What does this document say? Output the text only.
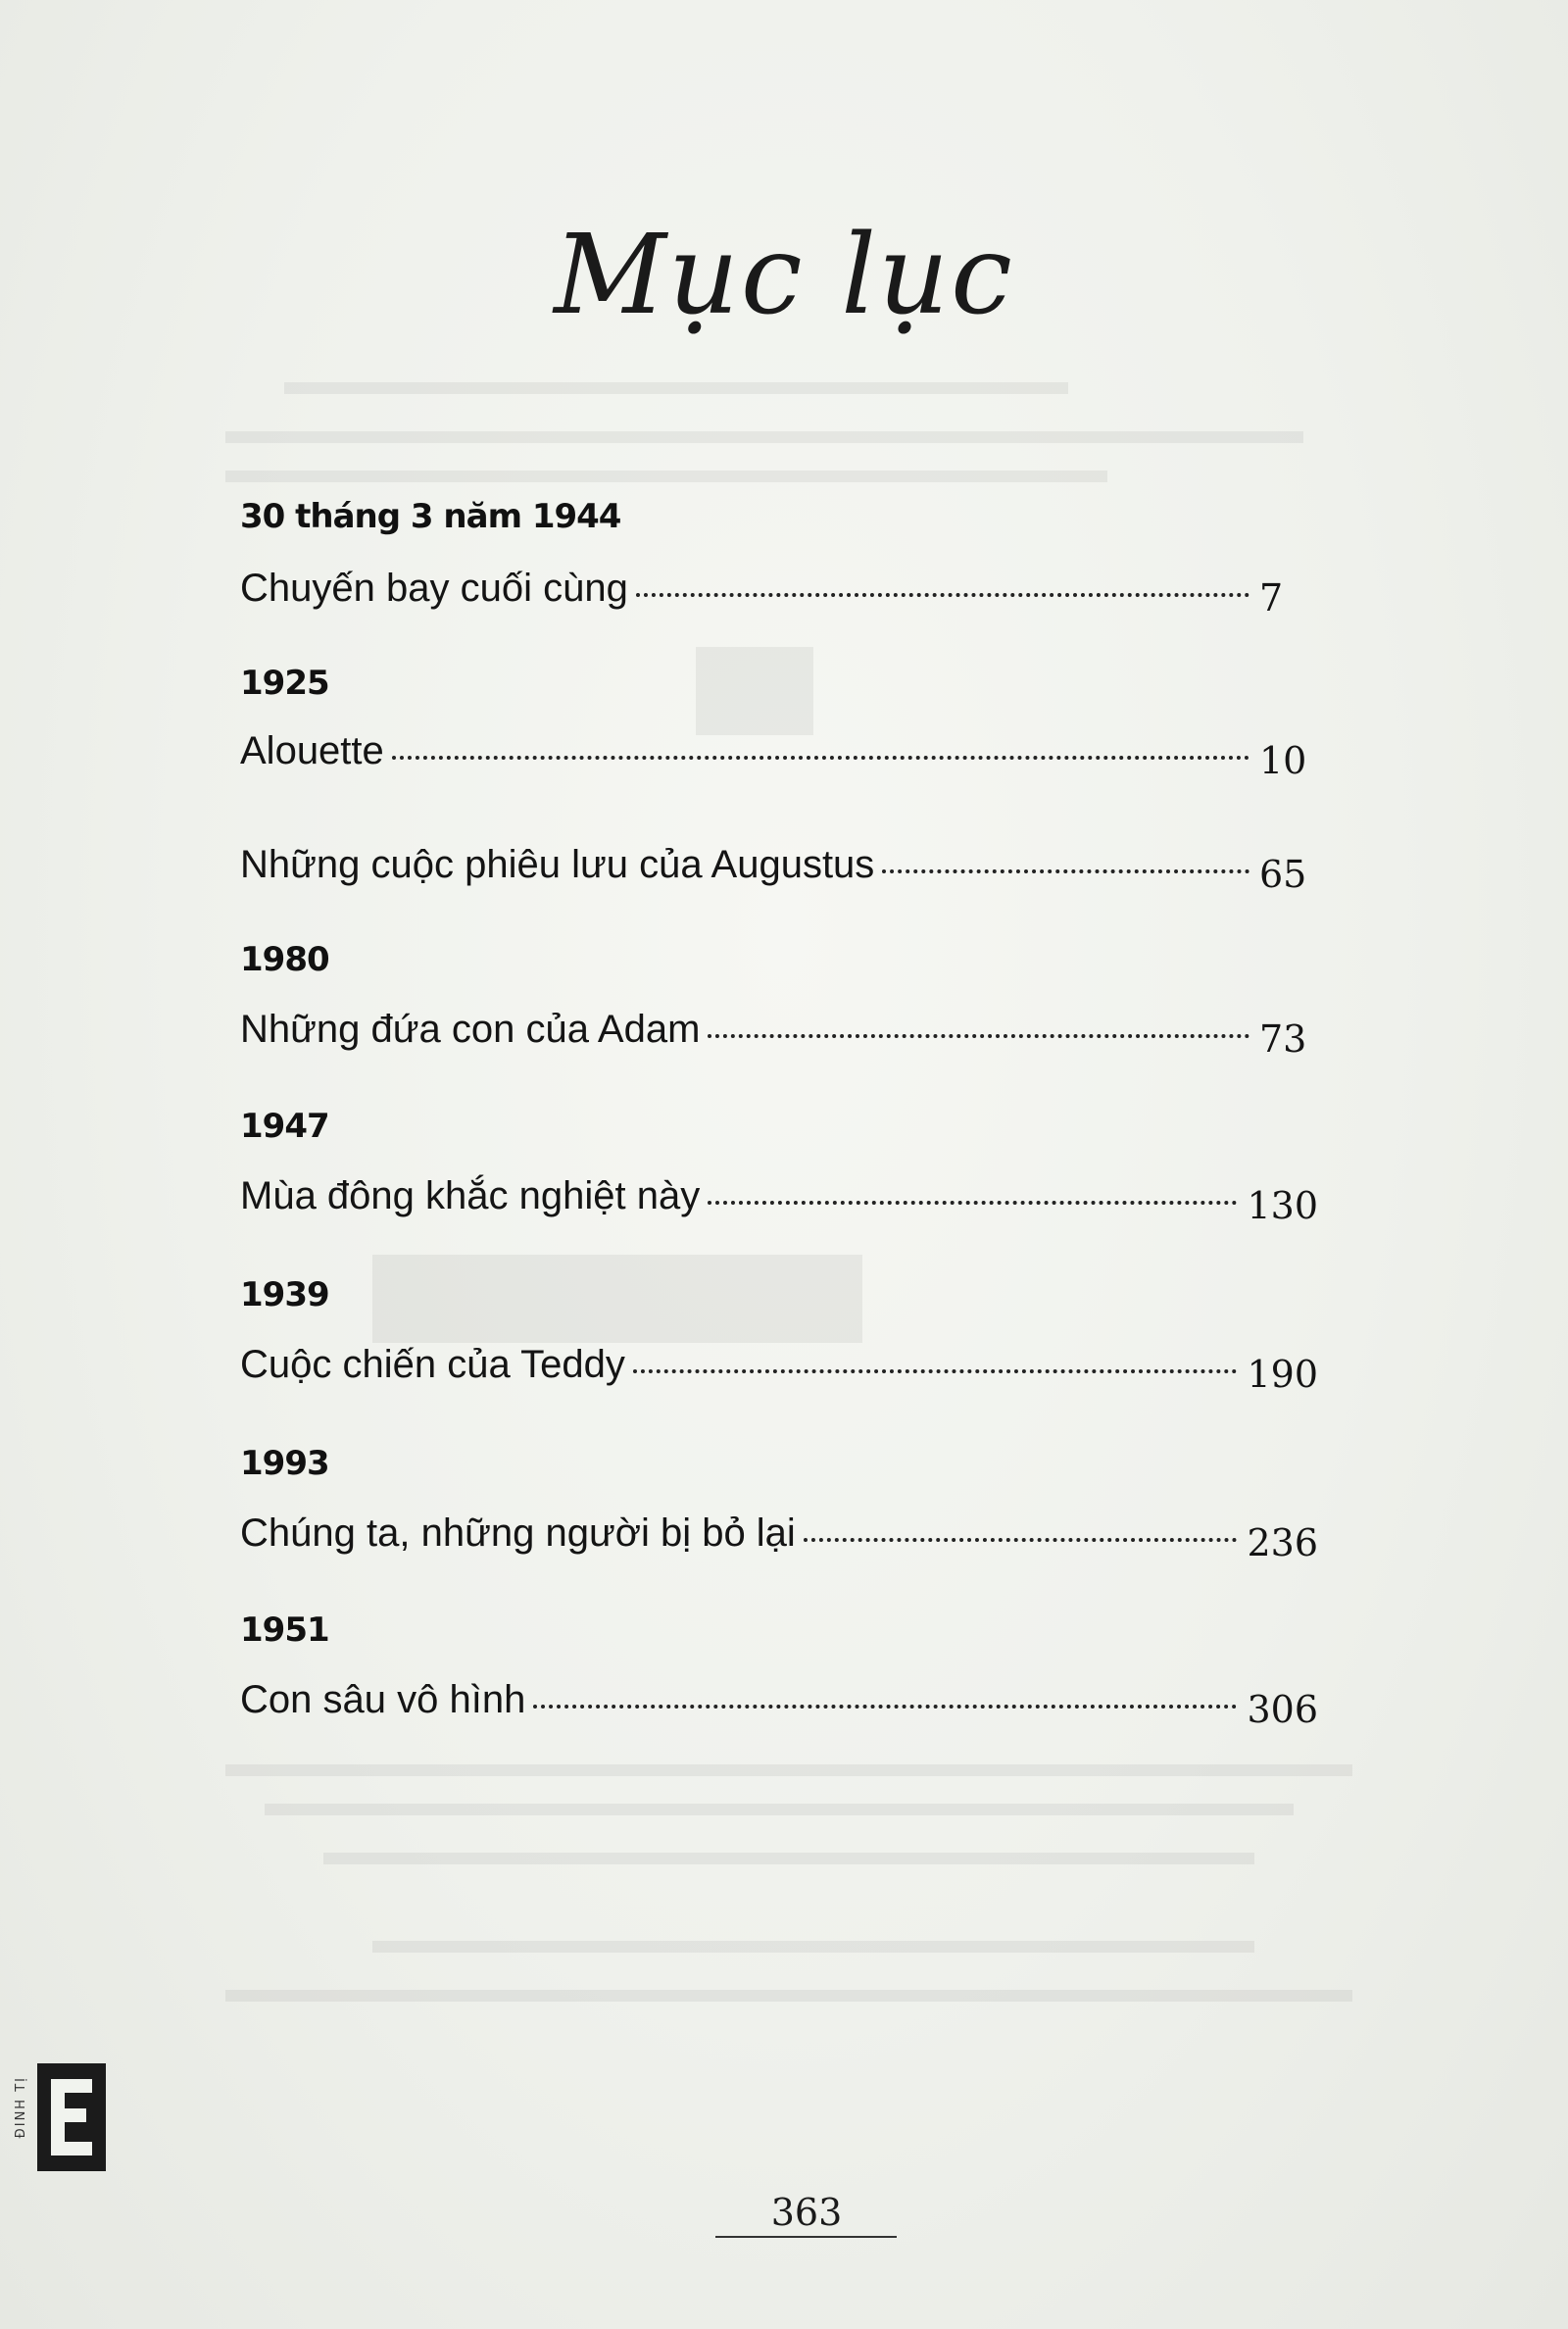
Mục lục
30 tháng 3 năm 1944
Chuyến bay cuối cùng	7
1925
Alouette	10
Những cuộc phiêu lưu của Augustus	65
1980
Những đứa con của Adam	73
1947
Mùa đông khắc nghiệt này	130
1939
Cuộc chiến của Teddy	190
1993
Chúng ta, những người bị bỏ lại	236
1951
Con sâu vô hình	306
ĐINH TỊ
363
